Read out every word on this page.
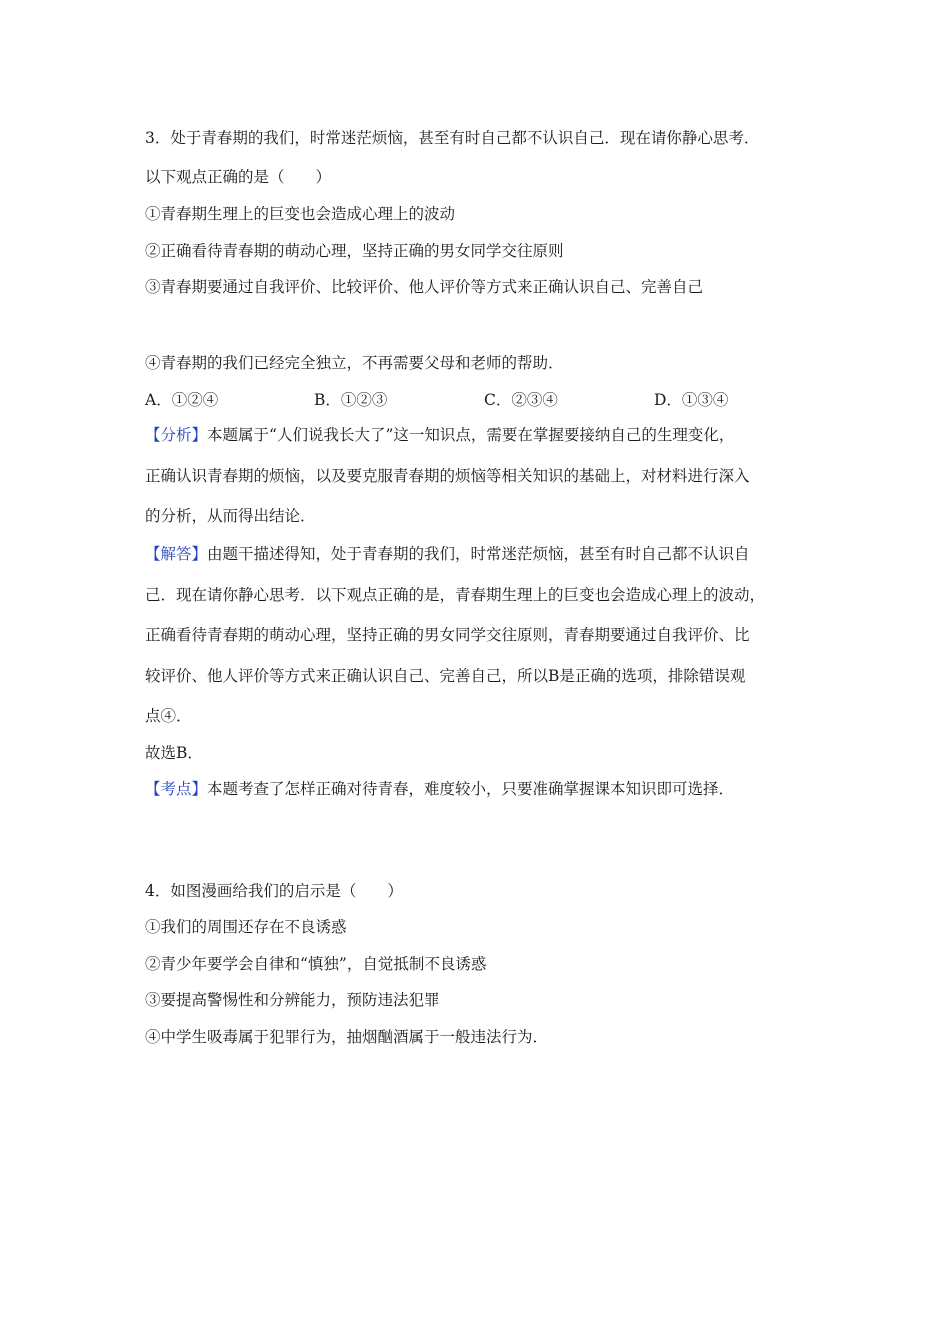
3．处于青春期的我们，时常迷茫烦恼，甚至有时自己都不认识自己．现在请你静心思考．
以下观点正确的是（　　）
①青春期生理上的巨变也会造成心理上的波动
②正确看待青春期的萌动心理，坚持正确的男女同学交往原则
③青春期要通过自我评价、比较评价、他人评价等方式来正确认识自己、完善自己
④青春期的我们已经完全独立，不再需要父母和老师的帮助．
A．①②④	B．①②③	C．②③④	D．①③④
【分析】本题属于“人们说我长大了”这一知识点，需要在掌握要接纳自己的生理变化，
正确认识青春期的烦恼，以及要克服青春期的烦恼等相关知识的基础上，对材料进行深入
的分析，从而得出结论．
【解答】由题干描述得知，处于青春期的我们，时常迷茫烦恼，甚至有时自己都不认识自
己．现在请你静心思考．以下观点正确的是，青春期生理上的巨变也会造成心理上的波动，
正确看待青春期的萌动心理，坚持正确的男女同学交往原则，青春期要通过自我评价、比
较评价、他人评价等方式来正确认识自己、完善自己，所以B是正确的选项，排除错误观
点④．
故选B．
【考点】本题考查了怎样正确对待青春，难度较小，只要准确掌握课本知识即可选择．
4．如图漫画给我们的启示是（　　）
①我们的周围还存在不良诱惑
②青少年要学会自律和“慎独”，自觉抵制不良诱惑
③要提高警惕性和分辨能力，预防违法犯罪
④中学生吸毒属于犯罪行为，抽烟酗酒属于一般违法行为．
